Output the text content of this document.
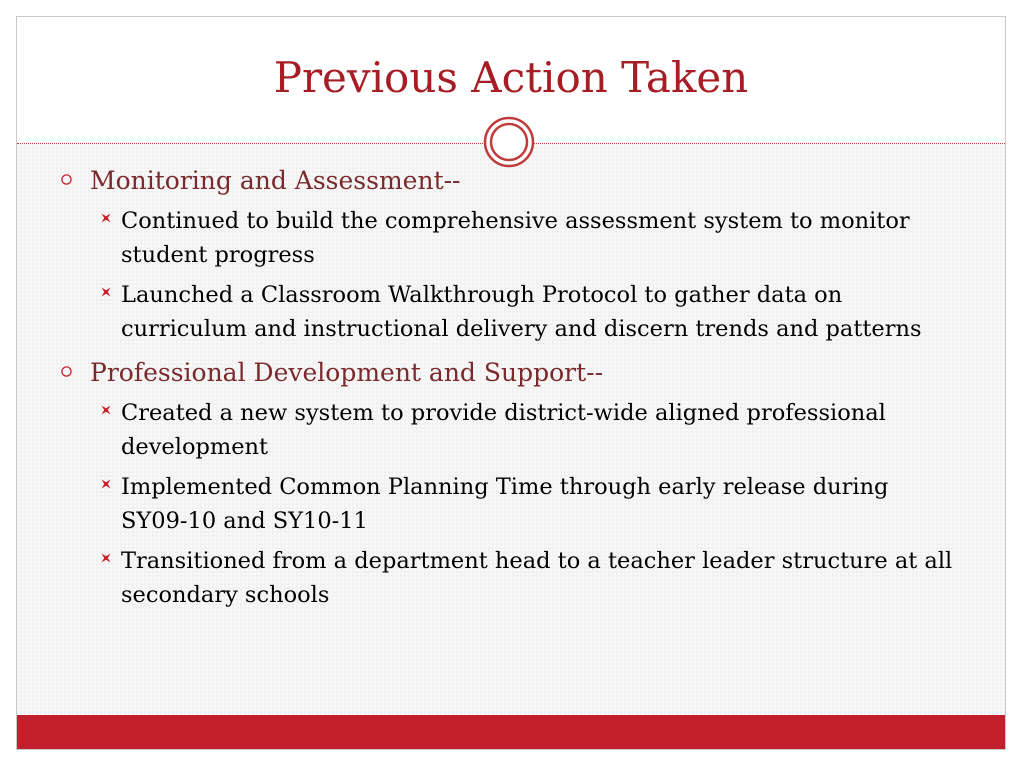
Previous Action Taken
Monitoring and Assessment--
Continued to build the comprehensive assessment system to monitor student progress
Launched a Classroom Walkthrough Protocol to gather data on curriculum and instructional delivery and discern trends and patterns
Professional Development and Support--
Created a new system to provide district-wide aligned professional development
Implemented Common Planning Time through early release during SY09-10 and SY10-11
Transitioned from a department head to a teacher leader structure at all secondary schools
